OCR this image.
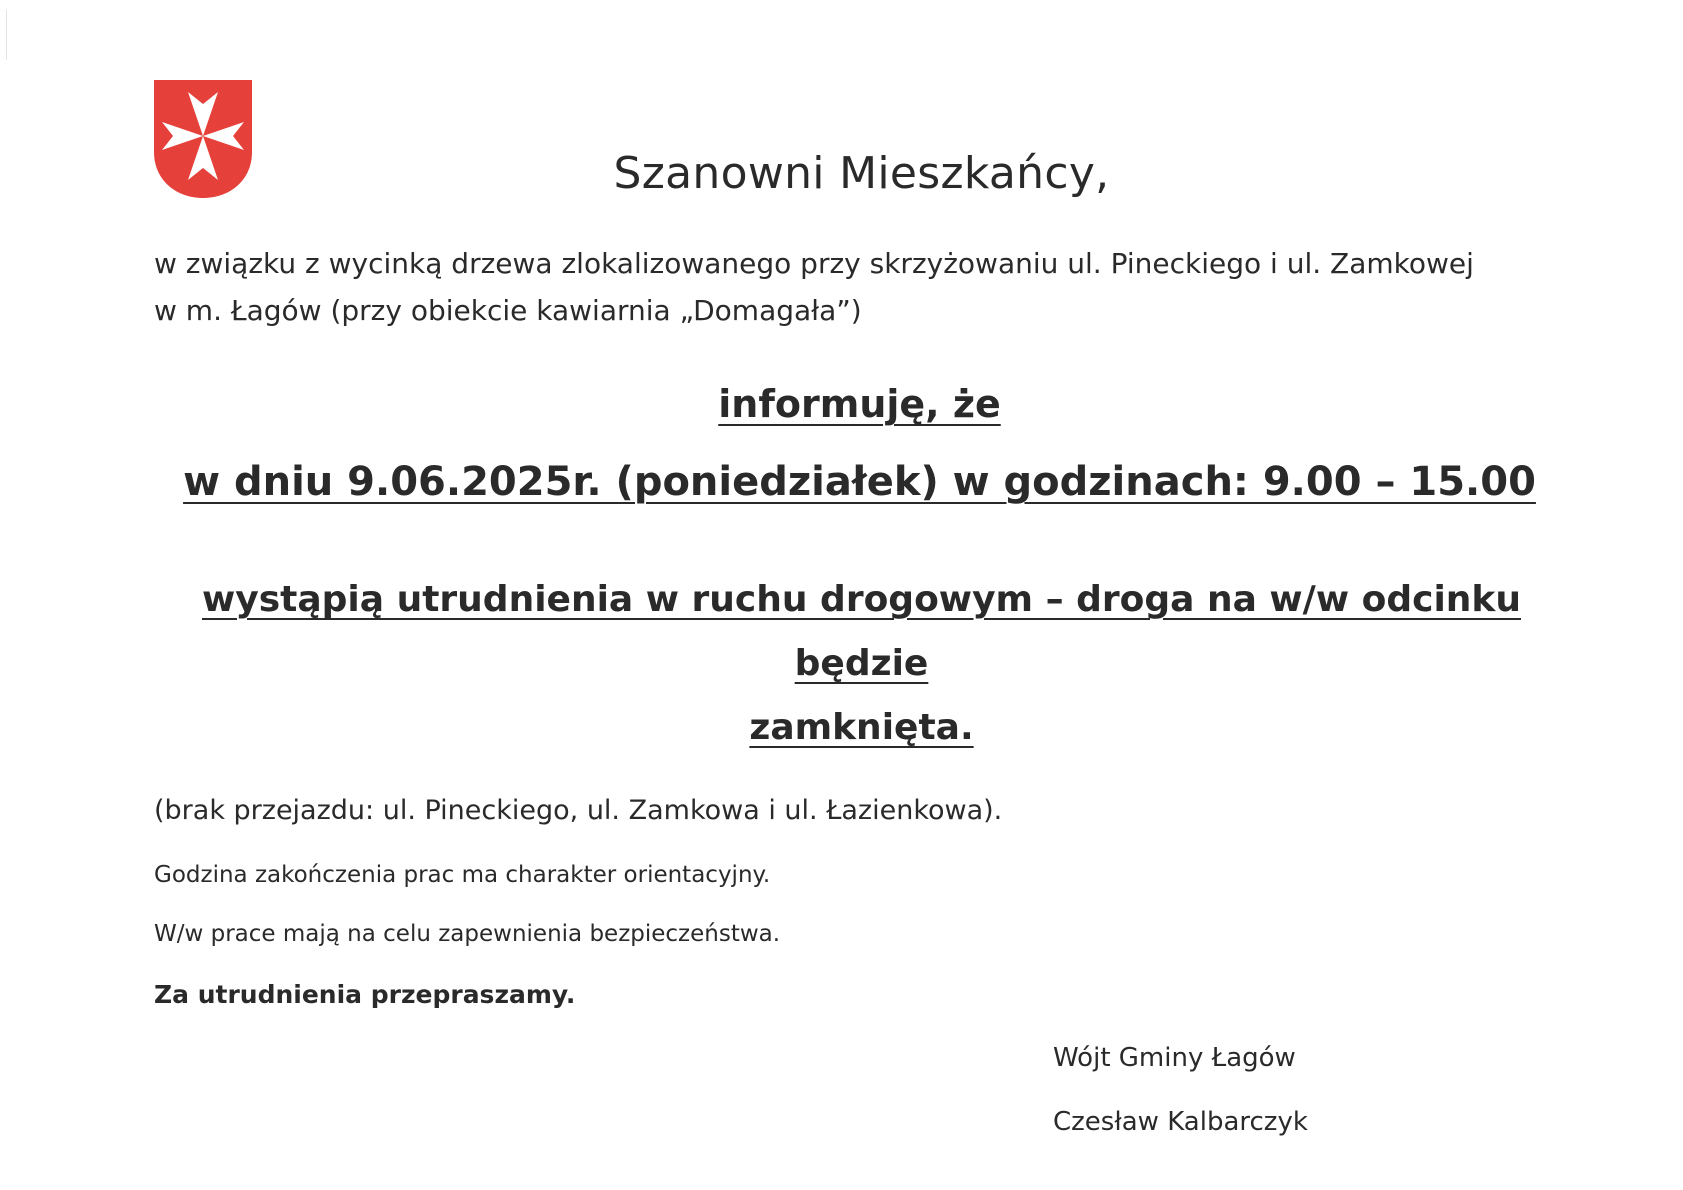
Szanowni Mieszkańcy,
w związku z wycinką drzewa zlokalizowanego przy skrzyżowaniu ul. Pineckiego i ul. Zamkowej
w m. Łagów (przy obiekcie kawiarnia „Domagała”)
informuję, że
w dniu 9.06.2025r. (poniedziałek) w godzinach: 9.00 – 15.00
wystąpią utrudnienia w ruchu drogowym – droga na w/w odcinku będzie
zamknięta.
(brak przejazdu: ul. Pineckiego, ul. Zamkowa i ul. Łazienkowa).
Godzina zakończenia prac ma charakter orientacyjny.
W/w prace mają na celu zapewnienia bezpieczeństwa.
Za utrudnienia przepraszamy.
Wójt Gminy Łagów
Czesław Kalbarczyk
